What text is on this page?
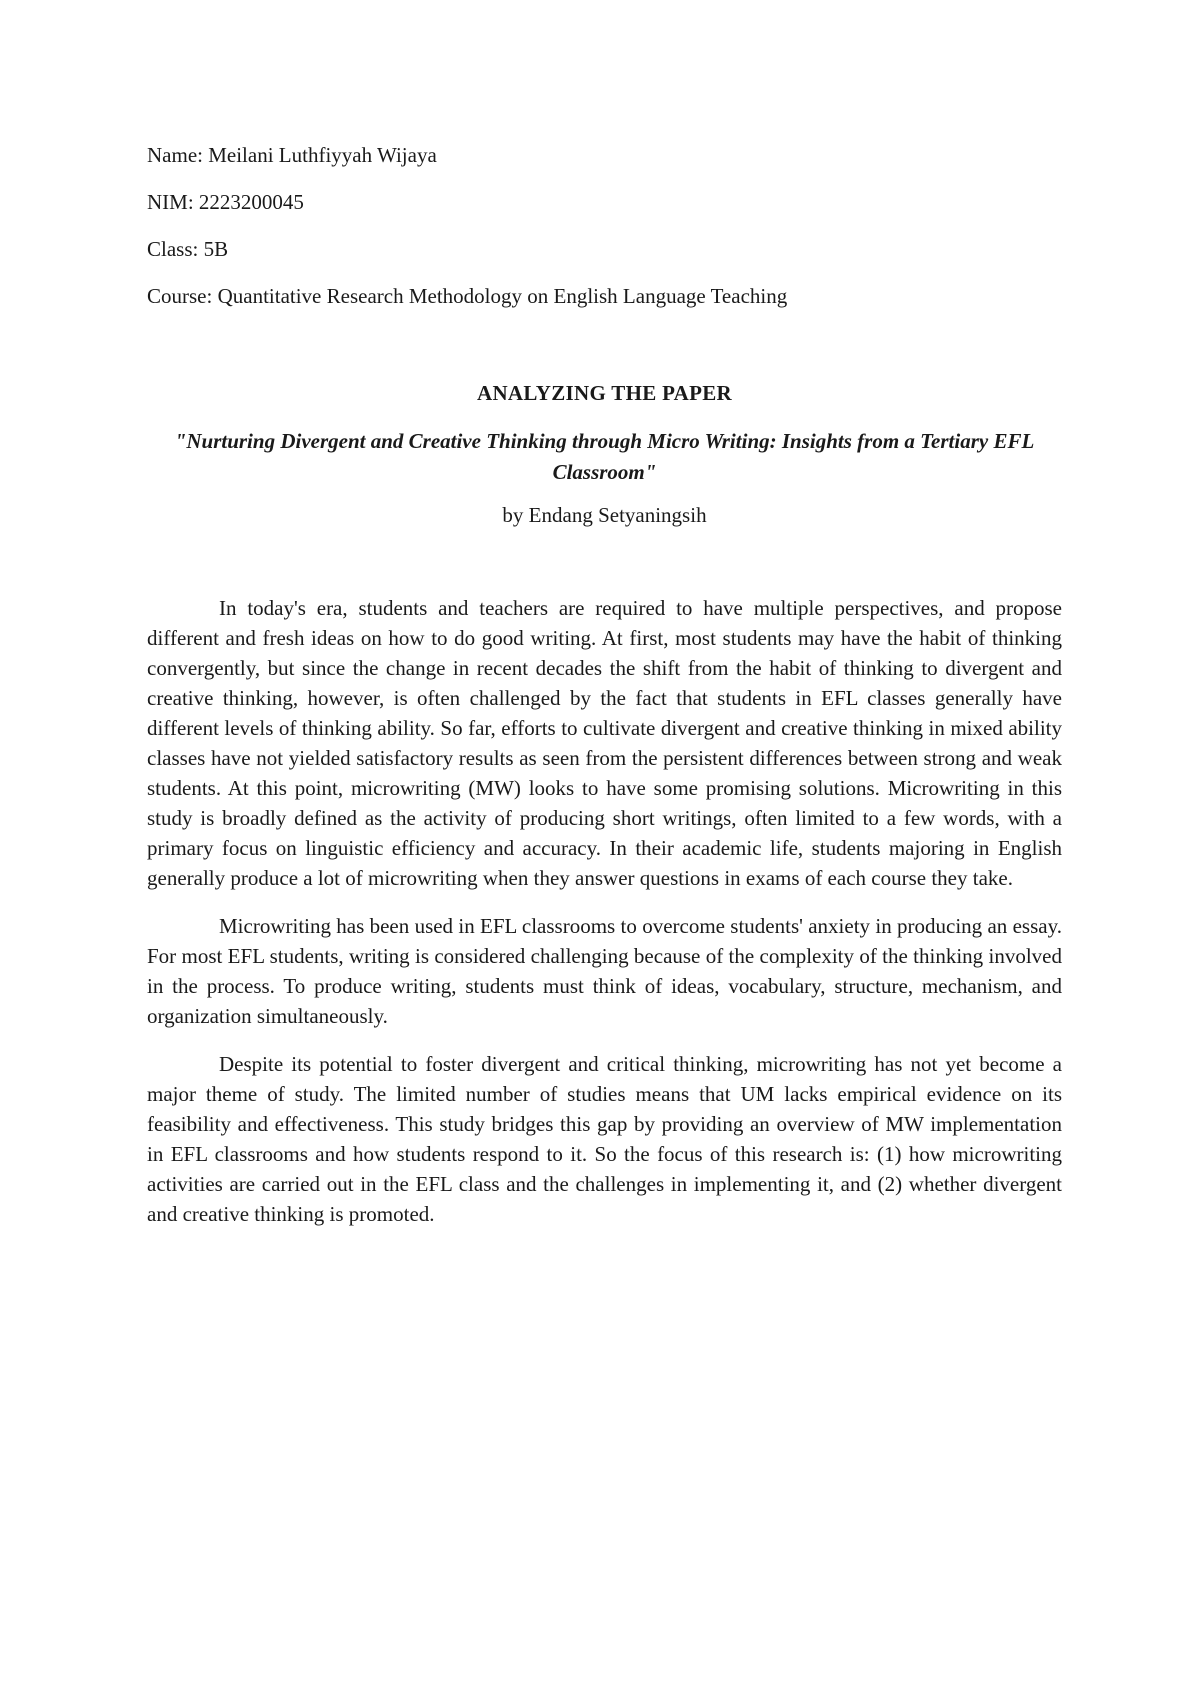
Name: Meilani Luthfiyyah Wijaya
NIM: 2223200045
Class: 5B
Course: Quantitative Research Methodology on English Language Teaching
ANALYZING THE PAPER
"Nurturing Divergent and Creative Thinking through Micro Writing: Insights from a Tertiary EFL Classroom"
by Endang Setyaningsih

In today's era, students and teachers are required to have multiple perspectives, and propose different and fresh ideas on how to do good writing. At first, most students may have the habit of thinking convergently, but since the change in recent decades the shift from the habit of thinking to divergent and creative thinking, however, is often challenged by the fact that students in EFL classes generally have different levels of thinking ability. So far, efforts to cultivate divergent and creative thinking in mixed ability classes have not yielded satisfactory results as seen from the persistent differences between strong and weak students. At this point, microwriting (MW) looks to have some promising solutions. Microwriting in this study is broadly defined as the activity of producing short writings, often limited to a few words, with a primary focus on linguistic efficiency and accuracy. In their academic life, students majoring in English generally produce a lot of microwriting when they answer questions in exams of each course they take.

Microwriting has been used in EFL classrooms to overcome students' anxiety in producing an essay. For most EFL students, writing is considered challenging because of the complexity of the thinking involved in the process. To produce writing, students must think of ideas, vocabulary, structure, mechanism, and organization simultaneously.

Despite its potential to foster divergent and critical thinking, microwriting has not yet become a major theme of study. The limited number of studies means that UM lacks empirical evidence on its feasibility and effectiveness. This study bridges this gap by providing an overview of MW implementation in EFL classrooms and how students respond to it. So the focus of this research is: (1) how microwriting activities are carried out in the EFL class and the challenges in implementing it, and (2) whether divergent and creative thinking is promoted.
